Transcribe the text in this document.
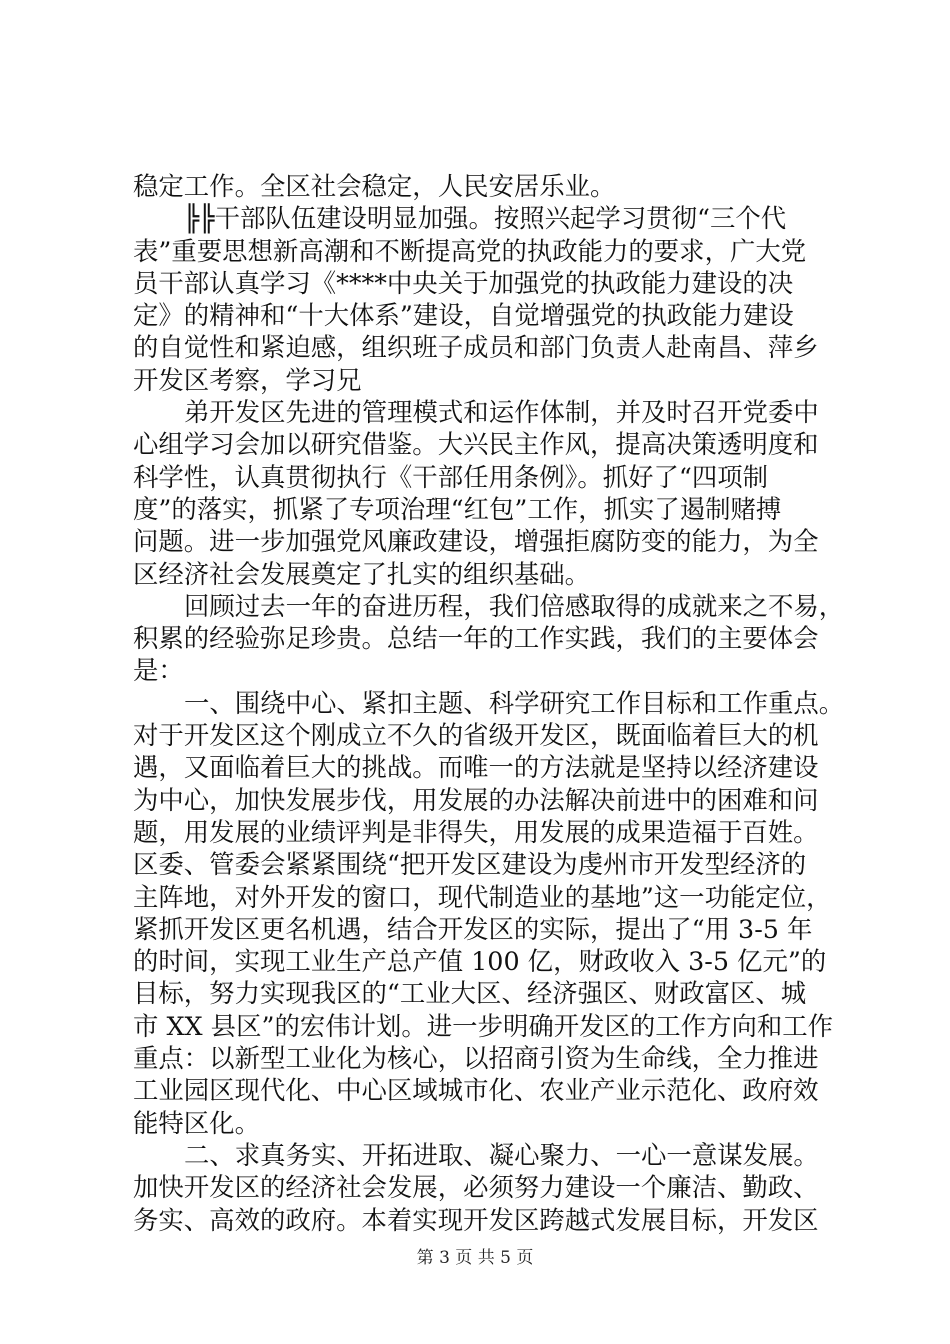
稳定工作。全区社会稳定，人民安居乐业。
╠╠干部队伍建设明显加强。按照兴起学习贯彻“三个代
表”重要思想新高潮和不断提高党的执政能力的要求，广大党
员干部认真学习《****中央关于加强党的执政能力建设的决
定》的精神和“十大体系”建设，自觉增强党的执政能力建设
的自觉性和紧迫感，组织班子成员和部门负责人赴南昌、萍乡
开发区考察，学习兄
弟开发区先进的管理模式和运作体制，并及时召开党委中
心组学习会加以研究借鉴。大兴民主作风，提高决策透明度和
科学性，认真贯彻执行《干部任用条例》。抓好了“四项制
度”的落实，抓紧了专项治理“红包”工作，抓实了遏制赌搏
问题。进一步加强党风廉政建设，增强拒腐防变的能力，为全
区经济社会发展奠定了扎实的组织基础。
回顾过去一年的奋进历程，我们倍感取得的成就来之不易，
积累的经验弥足珍贵。总结一年的工作实践，我们的主要体会
是：
一、围绕中心、紧扣主题、科学研究工作目标和工作重点。
对于开发区这个刚成立不久的省级开发区，既面临着巨大的机
遇，又面临着巨大的挑战。而唯一的方法就是坚持以经济建设
为中心，加快发展步伐，用发展的办法解决前进中的困难和问
题，用发展的业绩评判是非得失，用发展的成果造福于百姓。
区委、管委会紧紧围绕“把开发区建设为虔州市开发型经济的
主阵地，对外开发的窗口，现代制造业的基地”这一功能定位，
紧抓开发区更名机遇，结合开发区的实际，提出了“用 3-5 年
的时间，实现工业生产总产值 100 亿，财政收入 3-5 亿元”的
目标，努力实现我区的“工业大区、经济强区、财政富区、城
市 XX 县区”的宏伟计划。进一步明确开发区的工作方向和工作
重点：以新型工业化为核心，以招商引资为生命线，全力推进
工业园区现代化、中心区域城市化、农业产业示范化、政府效
能特区化。
二、求真务实、开拓进取、凝心聚力、一心一意谋发展。
加快开发区的经济社会发展，必须努力建设一个廉洁、勤政、
务实、高效的政府。本着实现开发区跨越式发展目标，开发区
第 3 页 共 5 页
